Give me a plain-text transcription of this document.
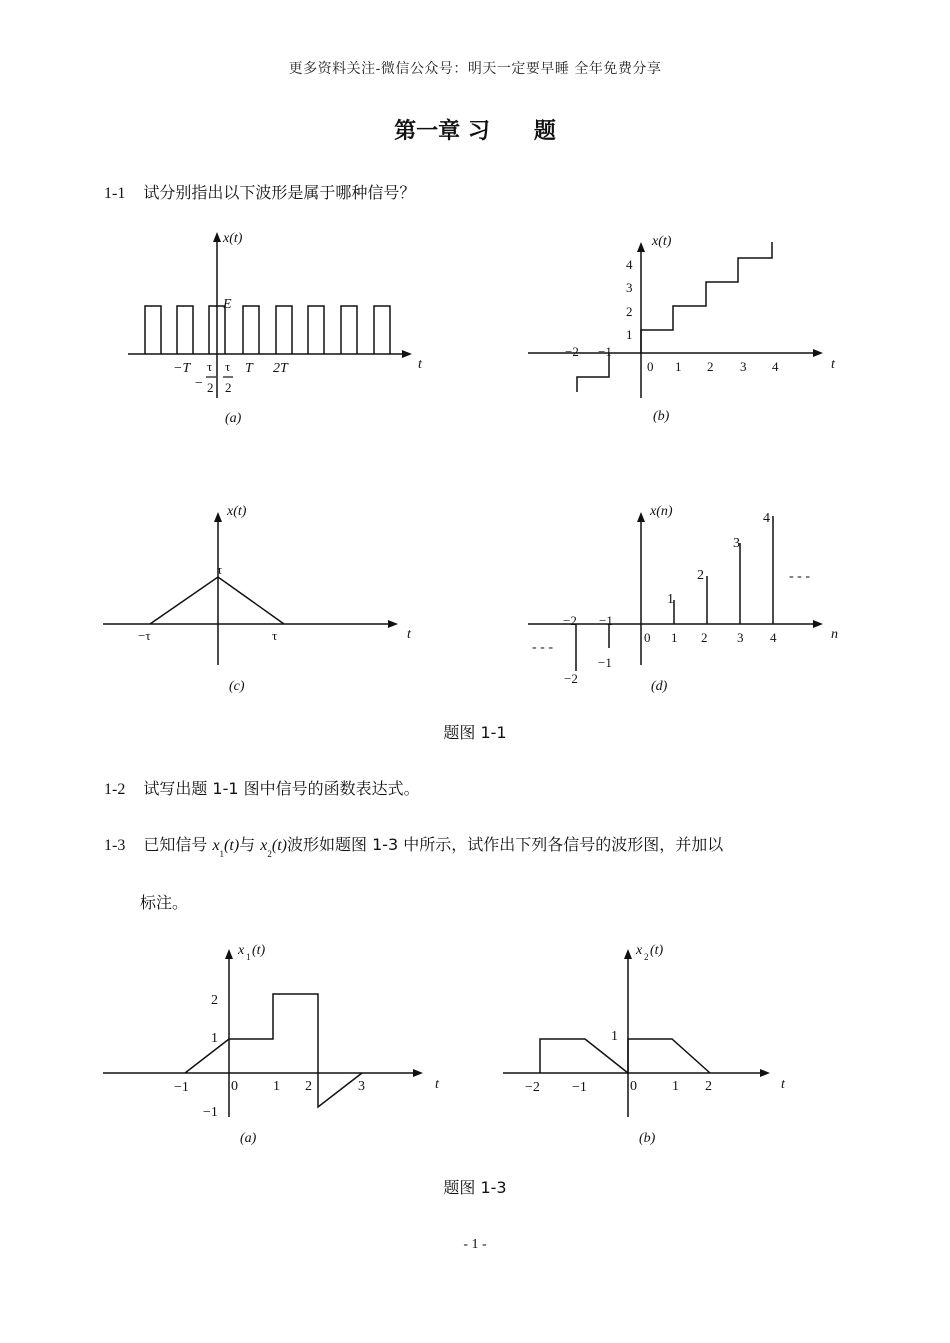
更多资料关注-微信公众号：明天一定要早睡 全年免费分享
第一章 习　　题
1-1 试分别指出以下波形是属于哪种信号？
x(t)
E
−T
−
τ
2
τ
2
T 2T	t
(a)
x(t)
4
3
2
1
−2 −1
0 1 2 3 4	t
(b)
x(t)
τ
−τ	τ	t
(c)
x(n)	4
3
2
1
−1
−2
−2 −1
0 1 2 3 4
- - -
- - -
n
(d)
题图 1-1
1-2 试写出题 1-1 图中信号的函数表达式。
1-3 已知信号 $x_1(t)$与 $x_2(t)$波形如题图 1-3 中所示，试作出下列各信号的波形图，并加以
标注。
x 1 (t)
2
1
−1
−1	0	1 2	3	t
(a)
x 2 (t)
1
−2 −1	0	1 2	t
(b)
题图 1-3
- 1 -
